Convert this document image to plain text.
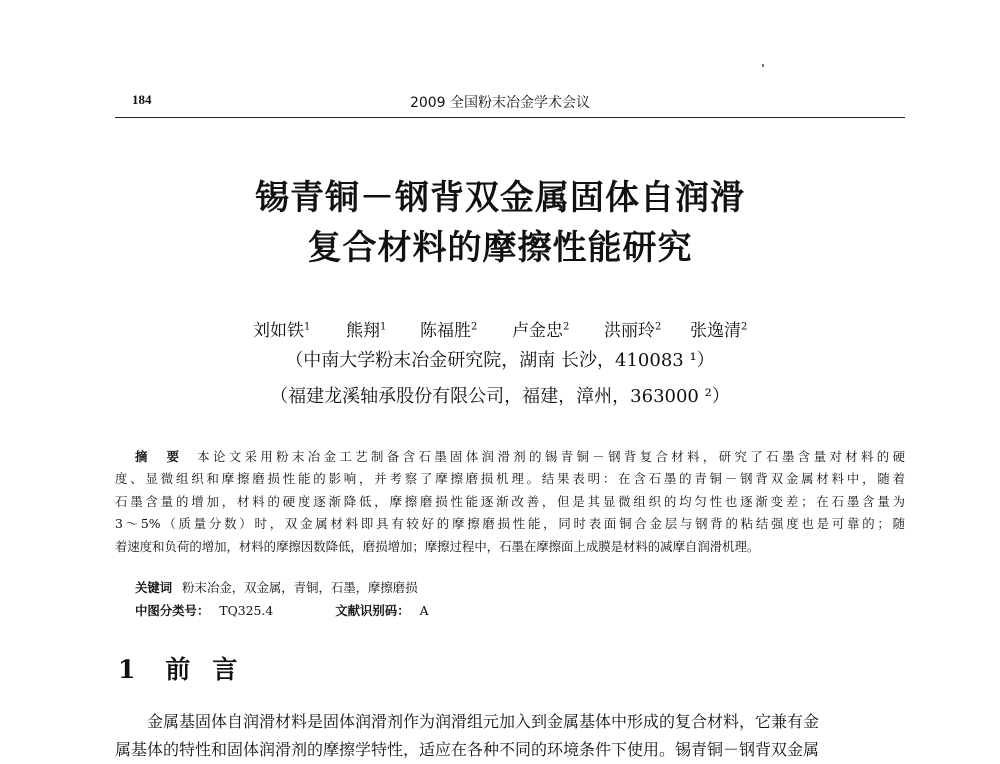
184	2009 全国粉末冶金学术会议
锡青铜－钢背双金属固体自润滑
复合材料的摩擦性能研究
刘如铁$^1$ 熊翔$^1$ 陈福胜$^2$ 卢金忠$^2$ 洪丽玲$^2$ 张逸清$^2$
（中南大学粉末冶金研究院，湖南 长沙，410083 ¹）
（福建龙溪轴承股份有限公司，福建，漳州，363000 ²）
摘　要 本论文采用粉末冶金工艺制备含石墨固体润滑剂的锡青铜－钢背复合材料，研究了石墨含量对材料的硬
度、显微组织和摩擦磨损性能的影响，并考察了摩擦磨损机理。结果表明：在含石墨的青铜－钢背双金属材料中，随着
石墨含量的增加，材料的硬度逐渐降低，摩擦磨损性能逐渐改善，但是其显微组织的均匀性也逐渐变差；在石墨含量为
3～5%（质量分数）时，双金属材料即具有较好的摩擦磨损性能，同时表面铜合金层与钢背的粘结强度也是可靠的；随
着速度和负荷的增加，材料的摩擦因数降低，磨损增加；摩擦过程中，石墨在摩擦面上成膜是材料的减摩自润滑机理。
关键词 粉末冶金，双金属，青铜，石墨，摩擦磨损
中图分类号： TQ325.4	文献识别码： A
1 前言
金属基固体自润滑材料是固体润滑剂作为润滑组元加入到金属基体中形成的复合材料，它兼有金
属基体的特性和固体润滑剂的摩擦学特性，适应在各种不同的环境条件下使用。锡青铜－钢背双金属
